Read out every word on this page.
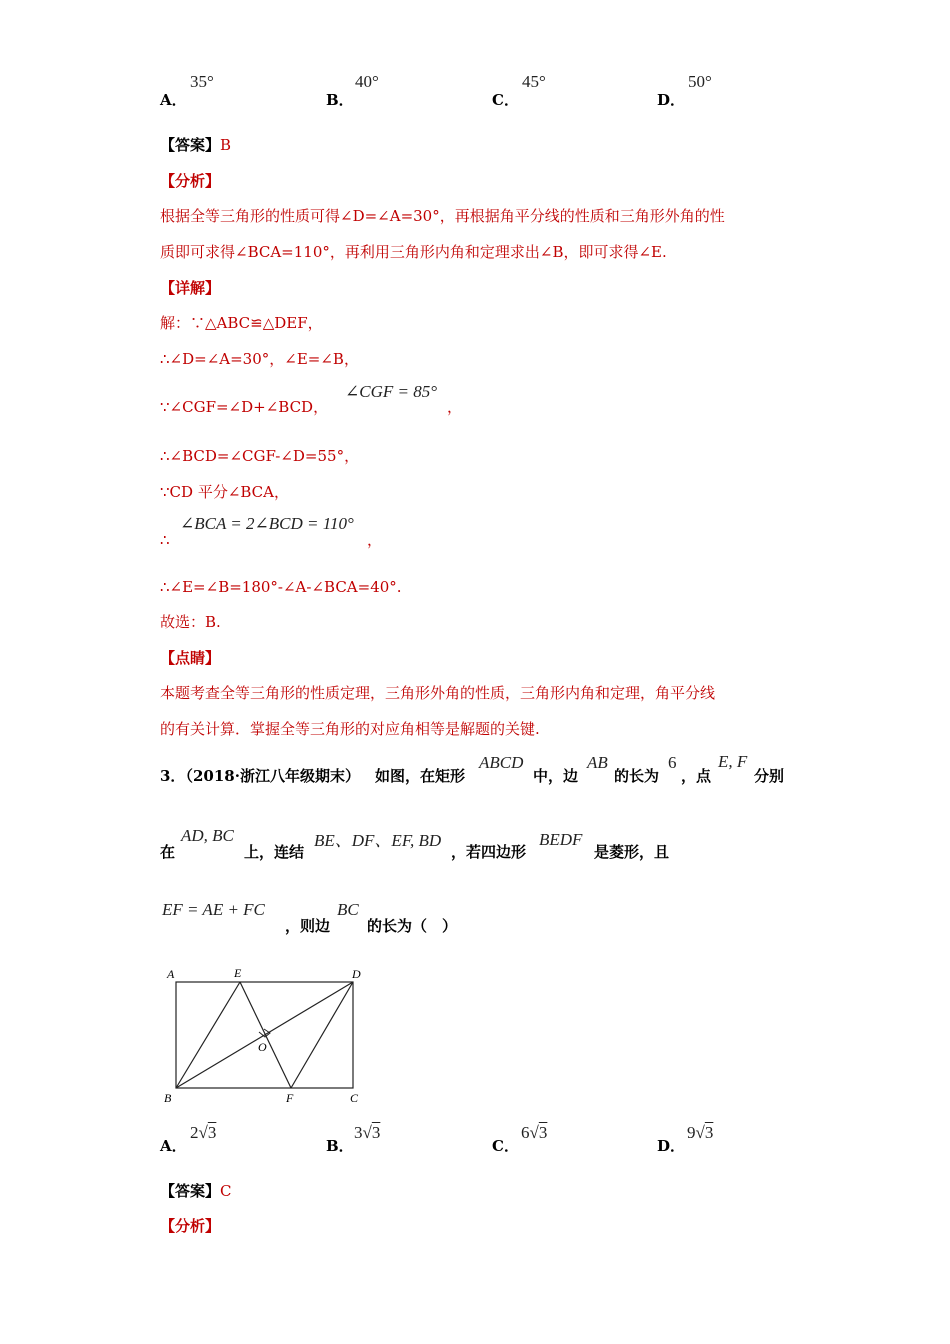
A．
35°
B．
40°
C．
45°
D．
50°
【答案】B
【分析】
根据全等三角形的性质可得∠D=∠A=30°，再根据角平分线的性质和三角形外角的性
质即可求得∠BCA=110°，再利用三角形内角和定理求出∠B，即可求得∠E.
【详解】
解：∵△ABC≌△DEF，
∴∠D=∠A=30°，∠E=∠B，
∵∠CGF=∠D+∠BCD，
∠CGF = 85°
，
∴∠BCD=∠CGF-∠D=55°，
∵CD 平分∠BCA，
∴
∠BCA = 2∠BCD = 110°
，
∴∠E=∠B=180°-∠A-∠BCA=40°.
故选：B.
【点睛】
本题考查全等三角形的性质定理，三角形外角的性质，三角形内角和定理，角平分线
的有关计算．掌握全等三角形的对应角相等是解题的关键.
3．
（2018·浙江八年级期末） 如图，在矩形
ABCD
中，边
AB
的长为
6
，点
E, F
分别
在
AD, BC
上，连结
BE、DF、EF, BD
，若四边形
BEDF
是菱形，且
EF = AE + FC
，则边
BC
的长为（　）
A	E	D
O
B	F	C
A．
2√3
B．
3√3
C．
6√3
D．
9√3
【答案】C
【分析】
